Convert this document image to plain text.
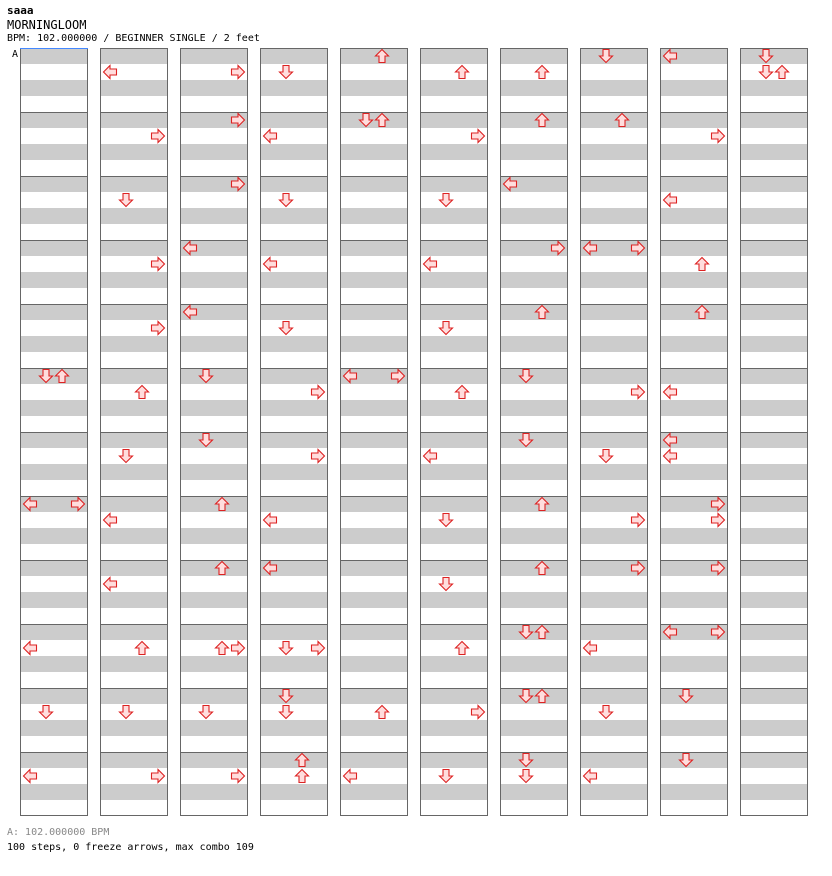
saaa
MORNINGLOOM
BPM: 102.000000 / BEGINNER SINGLE / 2 feet
A
A: 102.000000 BPM
100 steps, 0 freeze arrows, max combo 109
